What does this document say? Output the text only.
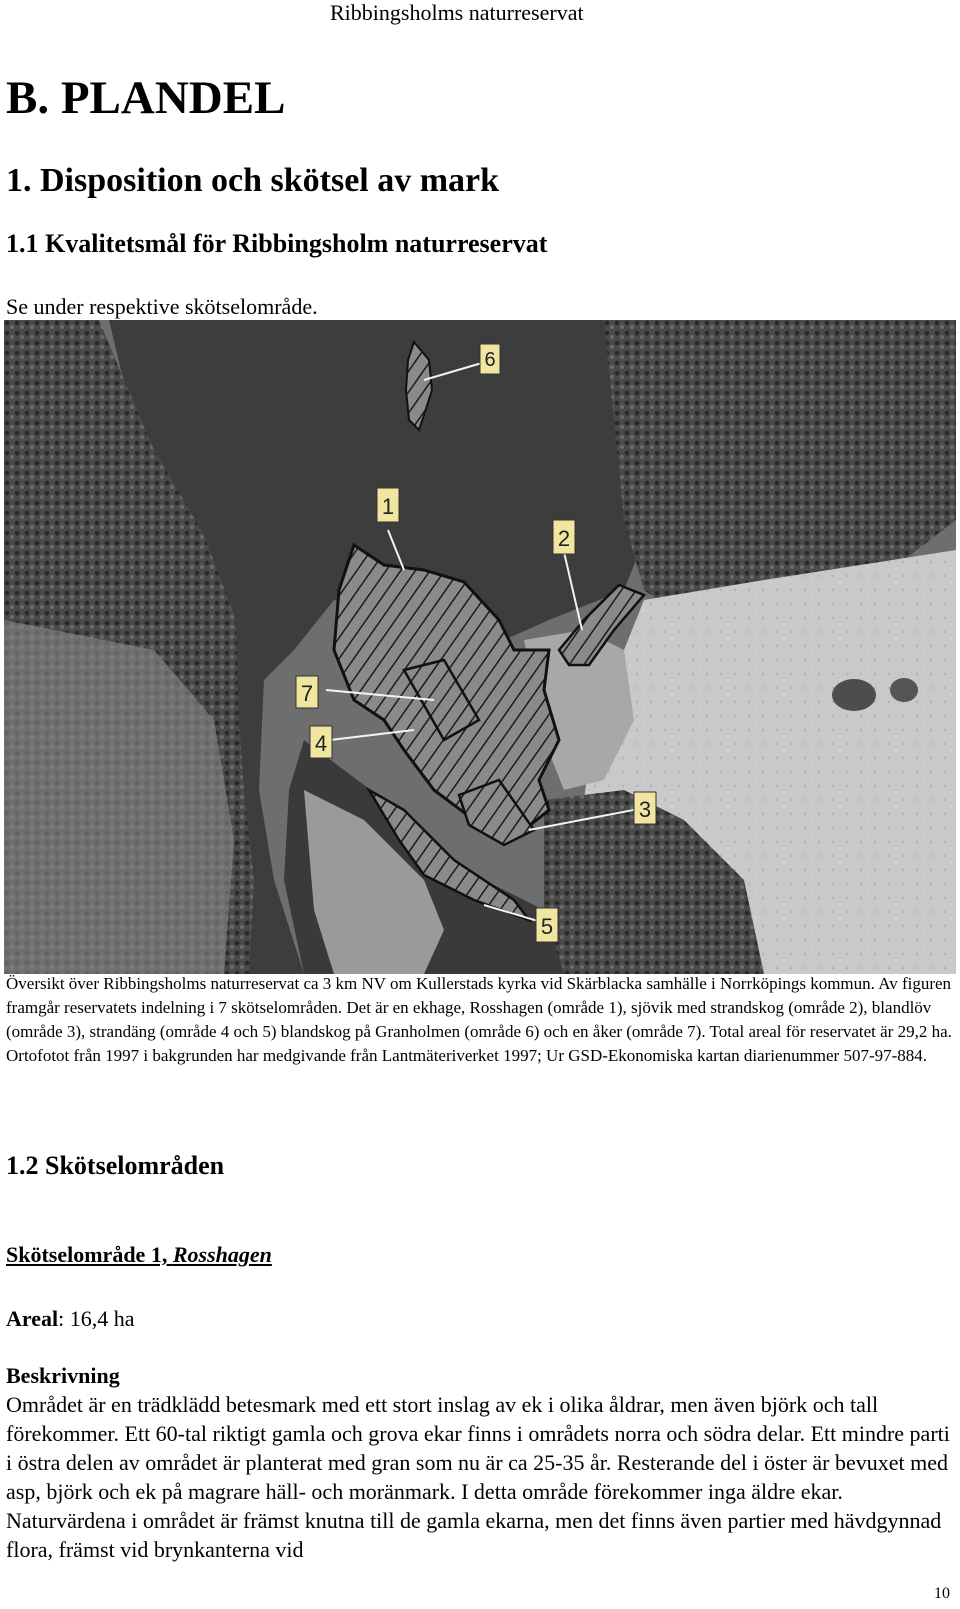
Ribbingsholms naturreservat
B. PLANDEL
1. Disposition och skötsel av mark
1.1 Kvalitetsmål för Ribbingsholm naturreservat
Se under respektive skötselområde.
6
1
2
7
4
3
5

Översikt över Ribbingsholms naturreservat ca 3 km NV om Kullerstads kyrka vid Skärblacka samhälle i Norrköpings kommun. Av figuren framgår reservatets indelning i 7 skötselområden. Det är en ekhage, Rosshagen (område 1), sjövik med strandskog (område 2), blandlöv (område 3), strandäng (område 4 och 5) blandskog på Granholmen (område 6) och en åker (område 7). Total areal för reservatet är 29,2 ha. Ortofotot från 1997 i bakgrunden har medgivande från Lantmäteriverket 1997; Ur GSD-Ekonomiska kartan diarienummer 507-97-884.

1.2 Skötselområden
Skötselområde 1, Rosshagen
Areal: 16,4 ha
Beskrivning

Området är en trädklädd betesmark med ett stort inslag av ek i olika åldrar, men även björk och tall förekommer. Ett 60-tal riktigt gamla och grova ekar finns i områdets norra och södra delar. Ett mindre parti i östra delen av området är planterat med gran som nu är ca 25-35 år. Resterande del i öster är bevuxet med asp, björk och ek på magrare häll- och moränmark. I detta område förekommer inga äldre ekar. Naturvärdena i området är främst knutna till de gamla ekarna, men det finns även partier med hävdgynnad flora, främst vid brynkanterna vid

10
